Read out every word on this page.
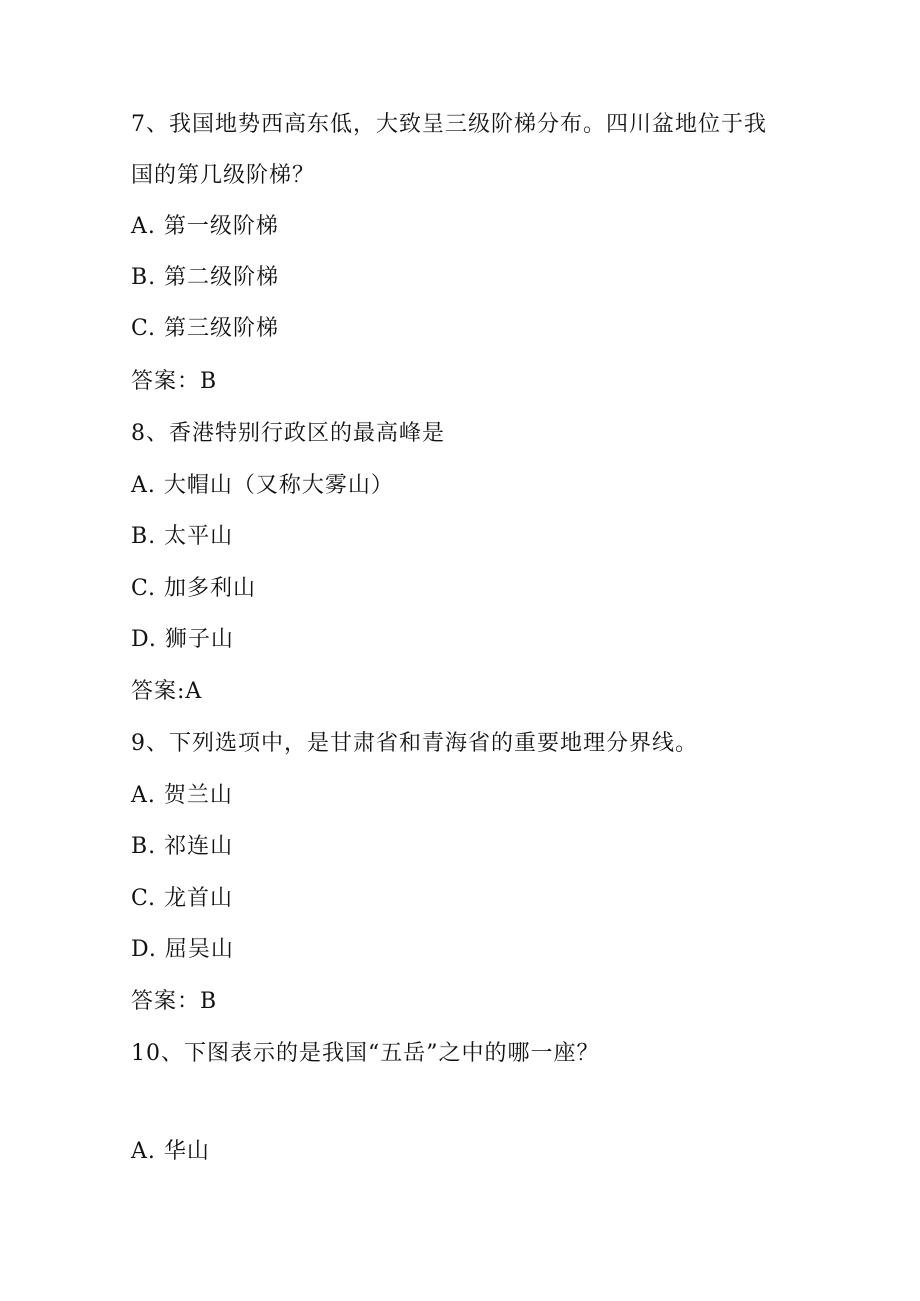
7、我国地势西高东低，大致呈三级阶梯分布。四川盆地位于我
国的第几级阶梯？
A. 第一级阶梯
B. 第二级阶梯
C. 第三级阶梯
答案：B
8、香港特别行政区的最高峰是
A. 大帽山（又称大雾山）
B. 太平山
C. 加多利山
D. 狮子山
答案:A
9、下列选项中，是甘肃省和青海省的重要地理分界线。
A. 贺兰山
B. 祁连山
C. 龙首山
D. 屈吴山
答案：B
10、下图表示的是我国“五岳”之中的哪一座？
A. 华山
